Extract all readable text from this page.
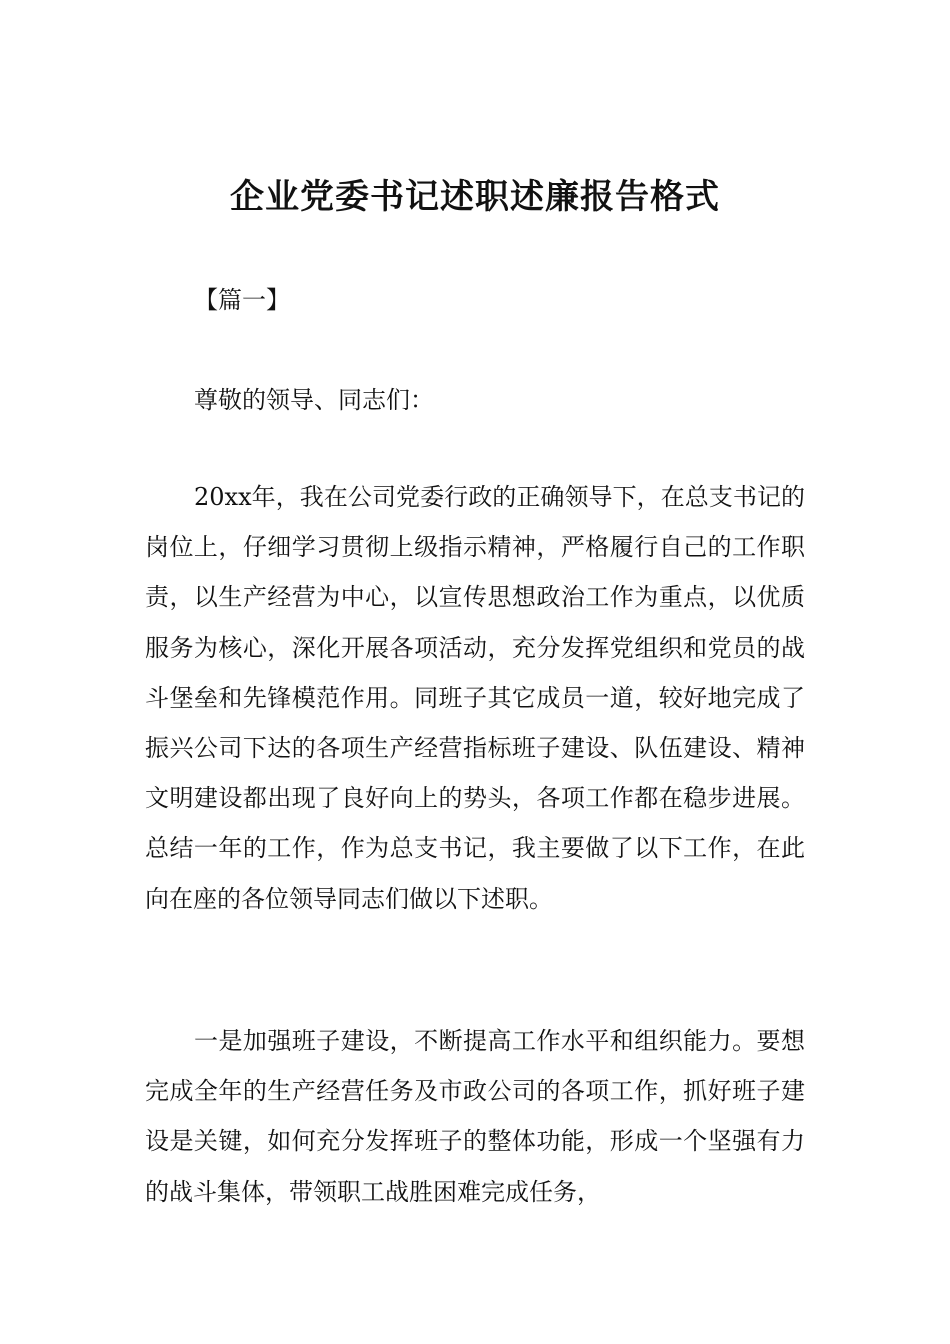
企业党委书记述职述廉报告格式
【篇一】
尊敬的领导、同志们：

20xx年，我在公司党委行政的正确领导下，在总支书记的岗位上，仔细学习贯彻上级指示精神，严格履行自己的工作职责，以生产经营为中心，以宣传思想政治工作为重点，以优质服务为核心，深化开展各项活动，充分发挥党组织和党员的战斗堡垒和先锋模范作用。同班子其它成员一道，较好地完成了振兴公司下达的各项生产经营指标班子建设、队伍建设、精神文明建设都出现了良好向上的势头，各项工作都在稳步进展。总结一年的工作，作为总支书记，我主要做了以下工作，在此向在座的各位领导同志们做以下述职。

一是加强班子建设，不断提高工作水平和组织能力。要想完成全年的生产经营任务及市政公司的各项工作，抓好班子建设是关键，如何充分发挥班子的整体功能，形成一个坚强有力的战斗集体，带领职工战胜困难完成任务，
